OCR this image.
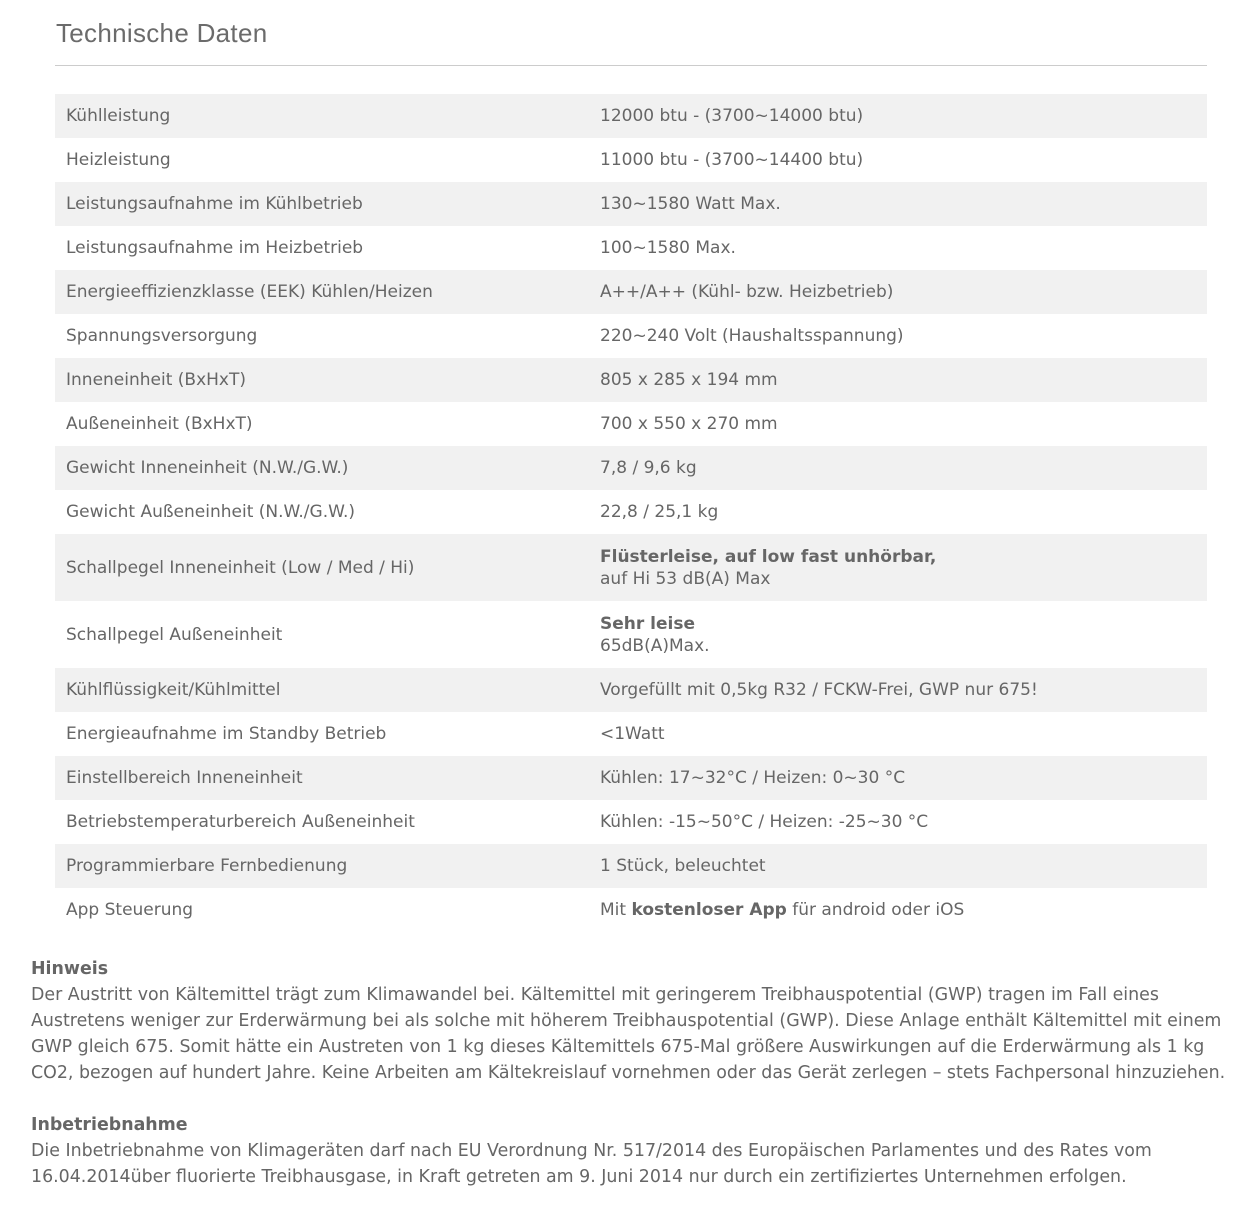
Technische Daten
Kühlleistung	12000 btu - (3700~14000 btu)
Heizleistung	11000 btu - (3700~14400 btu)
Leistungsaufnahme im Kühlbetrieb	130~1580 Watt Max.
Leistungsaufnahme im Heizbetrieb	100~1580 Max.
Energieeffizienzklasse (EEK) Kühlen/Heizen	A++/A++ (Kühl- bzw. Heizbetrieb)
Spannungsversorgung	220~240 Volt (Haushaltsspannung)
Inneneinheit (BxHxT)	805 x 285 x 194 mm
Außeneinheit (BxHxT)	700 x 550 x 270 mm
Gewicht Inneneinheit (N.W./G.W.)	7,8 / 9,6 kg
Gewicht Außeneinheit (N.W./G.W.)	22,8 / 25,1 kg
Schallpegel Inneneinheit (Low / Med / Hi)	Flüsterleise, auf low fast unhörbar,
auf Hi 53 dB(A) Max
Schallpegel Außeneinheit	Sehr leise
65dB(A)Max.
Kühlflüssigkeit/Kühlmittel	Vorgefüllt mit 0,5kg R32 / FCKW-Frei, GWP nur 675!
Energieaufnahme im Standby Betrieb	<1Watt
Einstellbereich Inneneinheit	Kühlen: 17~32°C / Heizen: 0~30 °C
Betriebstemperaturbereich Außeneinheit	Kühlen: -15~50°C / Heizen: -25~30 °C
Programmierbare Fernbedienung	1 Stück, beleuchtet
App Steuerung	Mit kostenloser App für android oder iOS
Hinweis

Der Austritt von Kältemittel trägt zum Klimawandel bei. Kältemittel mit geringerem Treibhauspotential (GWP) tragen im Fall eines Austretens weniger zur Erderwärmung bei als solche mit höherem Treibhauspotential (GWP). Diese Anlage enthält Kältemittel mit einem GWP gleich 675. Somit hätte ein Austreten von 1 kg dieses Kältemittels 675-Mal größere Auswirkungen auf die Erderwärmung als 1 kg CO2, bezogen auf hundert Jahre. Keine Arbeiten am Kältekreislauf vornehmen oder das Gerät zerlegen – stets Fachpersonal hinzuziehen.

Inbetriebnahme

Die Inbetriebnahme von Klimageräten darf nach EU Verordnung Nr. 517/2014 des Europäischen Parlamentes und des Rates vom 16.04.2014über fluorierte Treibhausgase, in Kraft getreten am 9. Juni 2014 nur durch ein zertifiziertes Unternehmen erfolgen.
